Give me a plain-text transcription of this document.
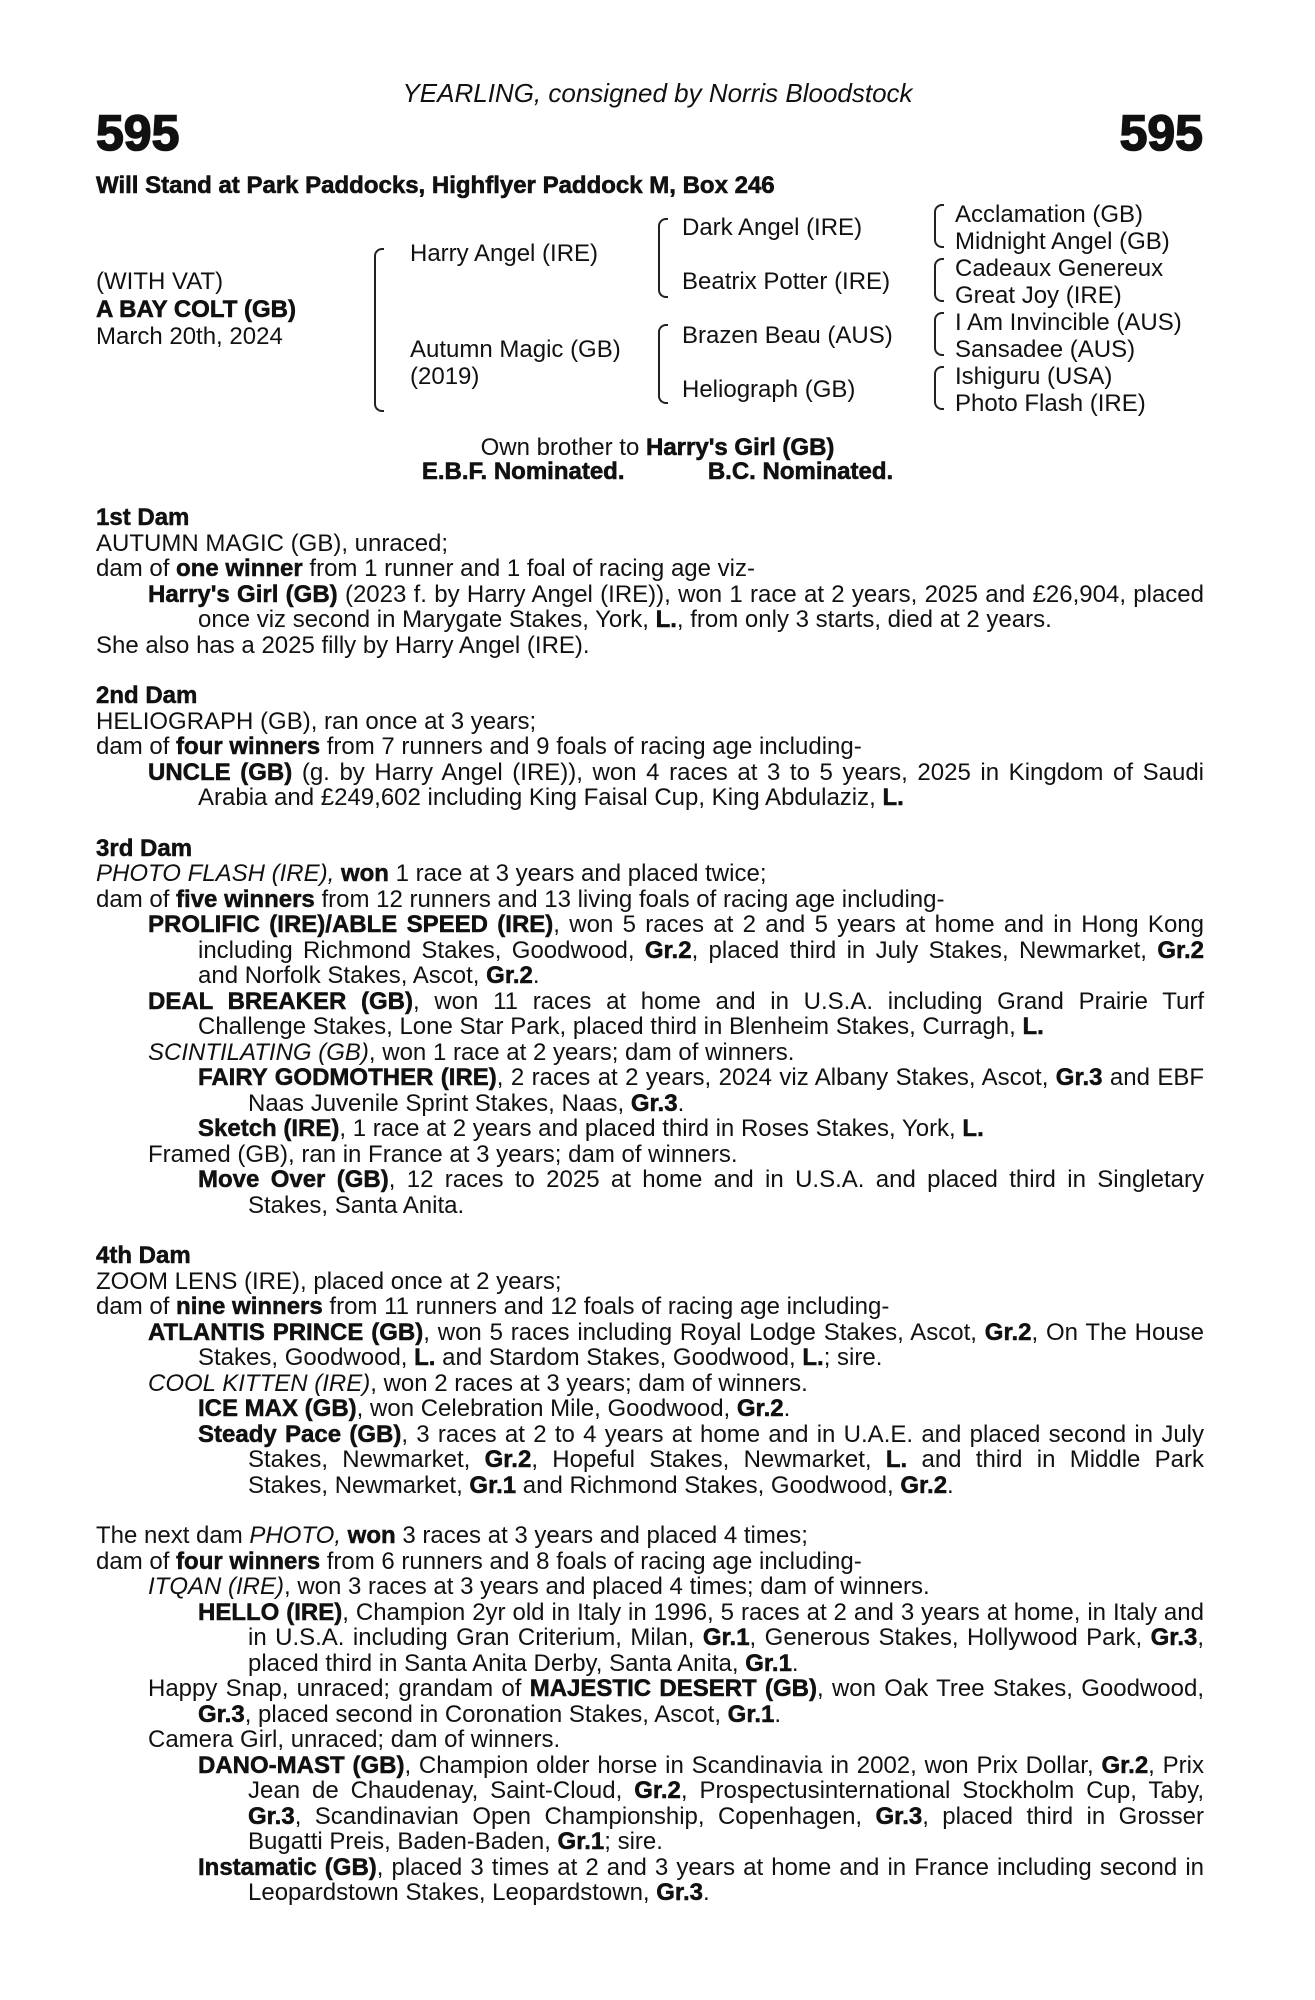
YEARLING, consigned by Norris Bloodstock
595	595
Will Stand at Park Paddocks, Highflyer Paddock M, Box 246
(WITH VAT)
A BAY COLT (GB)
March 20th, 2024
Harry Angel (IRE)
Autumn Magic (GB)
(2019)
Dark Angel (IRE)
Beatrix Potter (IRE)
Brazen Beau (AUS)
Heliograph (GB)
Acclamation (GB)
Midnight Angel (GB)
Cadeaux Genereux
Great Joy (IRE)
I Am Invincible (AUS)
Sansadee (AUS)
Ishiguru (USA)
Photo Flash (IRE)
Own brother to Harry's Girl (GB)
E.B.F. Nominated.	B.C. Nominated.
1st Dam
AUTUMN MAGIC (GB), unraced;
dam of one winner from 1 runner and 1 foal of racing age viz-
Harry's Girl (GB) (2023 f. by Harry Angel (IRE)), won 1 race at 2 years, 2025 and £26,904, placed once viz second in Marygate Stakes, York, L., from only 3 starts, died at 2 years.
She also has a 2025 filly by Harry Angel (IRE).
2nd Dam
HELIOGRAPH (GB), ran once at 3 years;
dam of four winners from 7 runners and 9 foals of racing age including-
UNCLE (GB) (g. by Harry Angel (IRE)), won 4 races at 3 to 5 years, 2025 in Kingdom of Saudi Arabia and £249,602 including King Faisal Cup, King Abdulaziz, L.
3rd Dam
PHOTO FLASH (IRE), won 1 race at 3 years and placed twice;
dam of five winners from 12 runners and 13 living foals of racing age including-
PROLIFIC (IRE)/ABLE SPEED (IRE), won 5 races at 2 and 5 years at home and in Hong Kong including Richmond Stakes, Goodwood, Gr.2, placed third in July Stakes, Newmarket, Gr.2 and Norfolk Stakes, Ascot, Gr.2.
DEAL BREAKER (GB), won 11 races at home and in U.S.A. including Grand Prairie Turf Challenge Stakes, Lone Star Park, placed third in Blenheim Stakes, Curragh, L.
SCINTILATING (GB), won 1 race at 2 years; dam of winners.
FAIRY GODMOTHER (IRE), 2 races at 2 years, 2024 viz Albany Stakes, Ascot, Gr.3 and EBF Naas Juvenile Sprint Stakes, Naas, Gr.3.
Sketch (IRE), 1 race at 2 years and placed third in Roses Stakes, York, L.
Framed (GB), ran in France at 3 years; dam of winners.
Move Over (GB), 12 races to 2025 at home and in U.S.A. and placed third in Singletary Stakes, Santa Anita.
4th Dam
ZOOM LENS (IRE), placed once at 2 years;
dam of nine winners from 11 runners and 12 foals of racing age including-
ATLANTIS PRINCE (GB), won 5 races including Royal Lodge Stakes, Ascot, Gr.2, On The House Stakes, Goodwood, L. and Stardom Stakes, Goodwood, L.; sire.
COOL KITTEN (IRE), won 2 races at 3 years; dam of winners.
ICE MAX (GB), won Celebration Mile, Goodwood, Gr.2.
Steady Pace (GB), 3 races at 2 to 4 years at home and in U.A.E. and placed second in July Stakes, Newmarket, Gr.2, Hopeful Stakes, Newmarket, L. and third in Middle Park Stakes, Newmarket, Gr.1 and Richmond Stakes, Goodwood, Gr.2.
The next dam PHOTO, won 3 races at 3 years and placed 4 times;
dam of four winners from 6 runners and 8 foals of racing age including-
ITQAN (IRE), won 3 races at 3 years and placed 4 times; dam of winners.
HELLO (IRE), Champion 2yr old in Italy in 1996, 5 races at 2 and 3 years at home, in Italy and in U.S.A. including Gran Criterium, Milan, Gr.1, Generous Stakes, Hollywood Park, Gr.3, placed third in Santa Anita Derby, Santa Anita, Gr.1.
Happy Snap, unraced; grandam of MAJESTIC DESERT (GB), won Oak Tree Stakes, Goodwood, Gr.3, placed second in Coronation Stakes, Ascot, Gr.1.
Camera Girl, unraced; dam of winners.
DANO-MAST (GB), Champion older horse in Scandinavia in 2002, won Prix Dollar, Gr.2, Prix Jean de Chaudenay, Saint-Cloud, Gr.2, Prospectusinternational Stockholm Cup, Taby, Gr.3, Scandinavian Open Championship, Copenhagen, Gr.3, placed third in Grosser Bugatti Preis, Baden-Baden, Gr.1; sire.
Instamatic (GB), placed 3 times at 2 and 3 years at home and in France including second in Leopardstown Stakes, Leopardstown, Gr.3.
